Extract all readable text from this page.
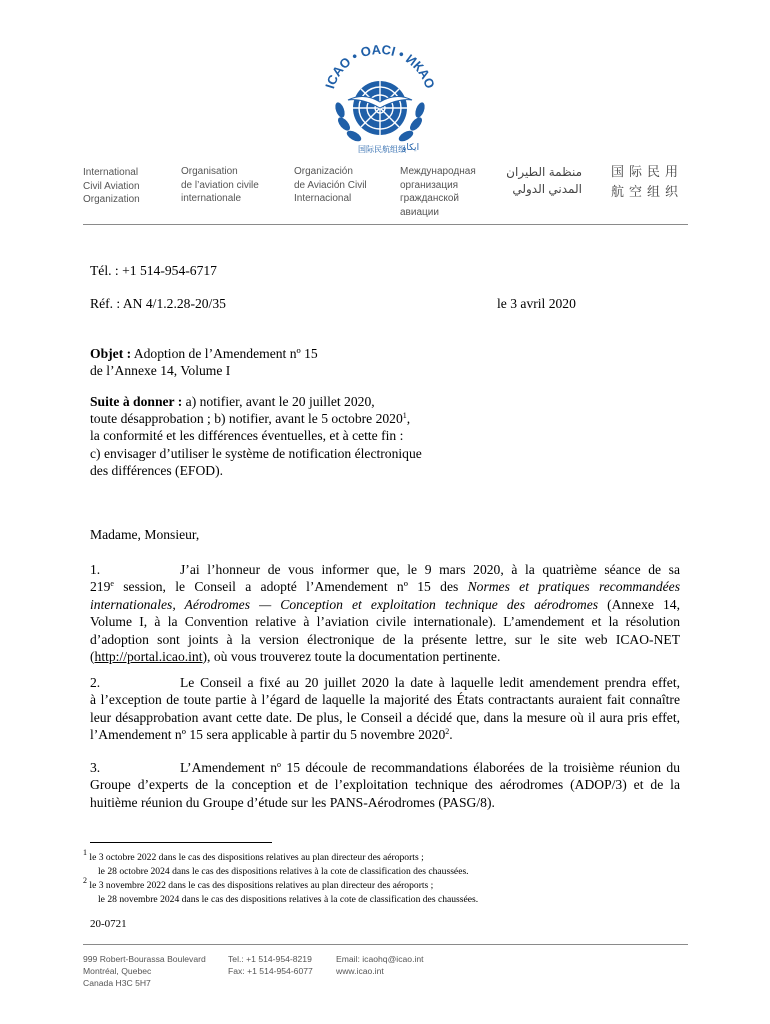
ICAO • OACI • ИКАО
国际民航组织
ايكاو
International
Civil Aviation
Organization
Organisation
de l’aviation civile
internationale
Organización
de Aviación Civil
Internacional
Международная
организация
гражданской
авиации
منظمة الطيران
المدني الدولي
国际民用
航空组织
Tél. : +1 514-954-6717
Réf. : AN 4/1.2.28-20/35	le 3 avril 2020
Objet : Adoption de l’Amendement nº 15
de l’Annexe 14, Volume I
Suite à donner : a) notifier, avant le 20 juillet 2020,
toute désapprobation ; b) notifier, avant le 5 octobre 2020$^1$,
la conformité et les différences éventuelles, et à cette fin :
c) envisager d’utiliser le système de notification électronique
des différences (EFOD).
Madame, Monsieur,
1.	J’ai l’honneur de vous informer que, le 9 mars 2020, à la quatrième séance de sa
219e session, le Conseil a adopté l’Amendement nº 15 des Normes et pratiques recommandées
internationales, Aérodromes — Conception et exploitation technique des aérodromes (Annexe 14,
Volume I, à la Convention relative à l’aviation civile internationale). L’amendement et la résolution
d’adoption sont joints à la version électronique de la présente lettre, sur le site web ICAO-NET
(http://portal.icao.int), où vous trouverez toute la documentation pertinente.
2.	Le Conseil a fixé au 20 juillet 2020 la date à laquelle ledit amendement prendra effet,
à l’exception de toute partie à l’égard de laquelle la majorité des États contractants auraient fait connaître
leur désapprobation avant cette date. De plus, le Conseil a décidé que, dans la mesure où il aura pris effet,
l’Amendement nº 15 sera applicable à partir du 5 novembre 2020$^2$.
3.	L’Amendement $n^o$ 15 découle de recommandations élaborées de la troisième réunion du
Groupe d’experts de la conception et de l’exploitation technique des aérodromes (ADOP/3) et de la
huitième réunion du Groupe d’étude sur les PANS-Aérodromes (PASG/8).
$^1$ le 3 octobre 2022 dans le cas des dispositions relatives au plan directeur des aéroports ;
le 28 octobre 2024 dans le cas des dispositions relatives à la cote de classification des chaussées.
$^2$ le 3 novembre 2022 dans le cas des dispositions relatives au plan directeur des aéroports ;
le 28 novembre 2024 dans le cas des dispositions relatives à la cote de classification des chaussées.
20-0721
999 Robert-Bourassa Boulevard
Montréal, Quebec
Canada H3C 5H7
Tel.: +1 514-954-8219
Fax: +1 514-954-6077
Email: icaohq@icao.int
www.icao.int
